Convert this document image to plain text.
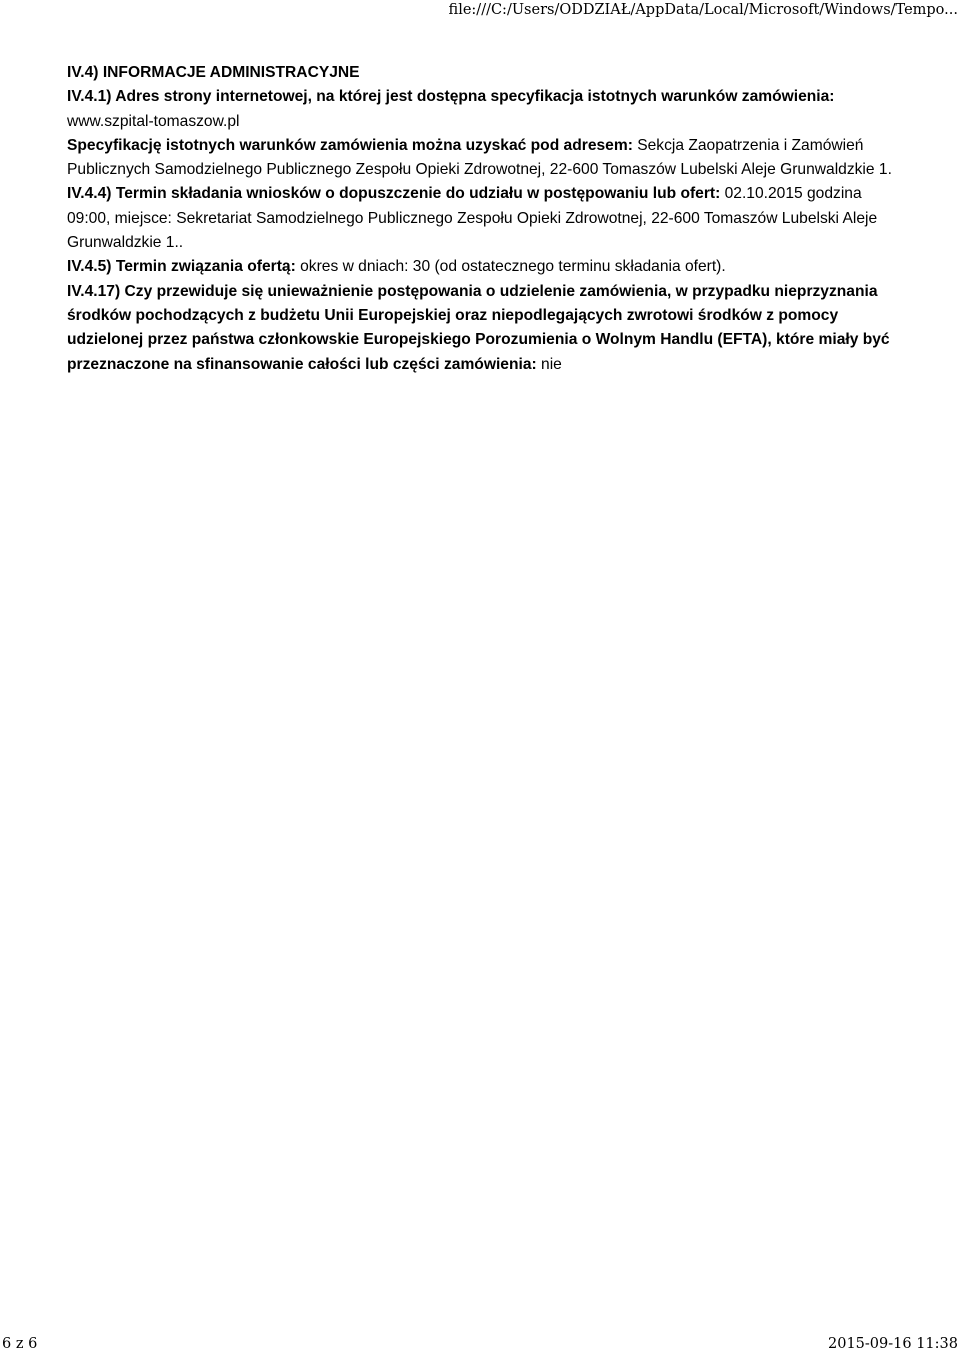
file:///C:/Users/ODDZIAŁ/AppData/Local/Microsoft/Windows/Tempo...

IV.4) INFORMACJE ADMINISTRACYJNE

IV.4.1) Adres strony internetowej, na której jest dostępna specyfikacja istotnych warunków zamówienia:
www.szpital-tomaszow.pl

Specyfikację istotnych warunków zamówienia można uzyskać pod adresem: Sekcja Zaopatrzenia i Zamówień Publicznych Samodzielnego Publicznego Zespołu Opieki Zdrowotnej, 22-600 Tomaszów Lubelski Aleje Grunwaldzkie 1.

IV.4.4) Termin składania wniosków o dopuszczenie do udziału w postępowaniu lub ofert: 02.10.2015 godzina 09:00, miejsce: Sekretariat Samodzielnego Publicznego Zespołu Opieki Zdrowotnej, 22-600 Tomaszów Lubelski Aleje Grunwaldzkie 1..

IV.4.5) Termin związania ofertą: okres w dniach: 30 (od ostatecznego terminu składania ofert).

IV.4.17) Czy przewiduje się unieważnienie postępowania o udzielenie zamówienia, w przypadku nieprzyznania środków pochodzących z budżetu Unii Europejskiej oraz niepodlegających zwrotowi środków z pomocy udzielonej przez państwa członkowskie Europejskiego Porozumienia o Wolnym Handlu (EFTA), które miały być przeznaczone na sfinansowanie całości lub części zamówienia: nie

6 z 6	2015-09-16 11:38
